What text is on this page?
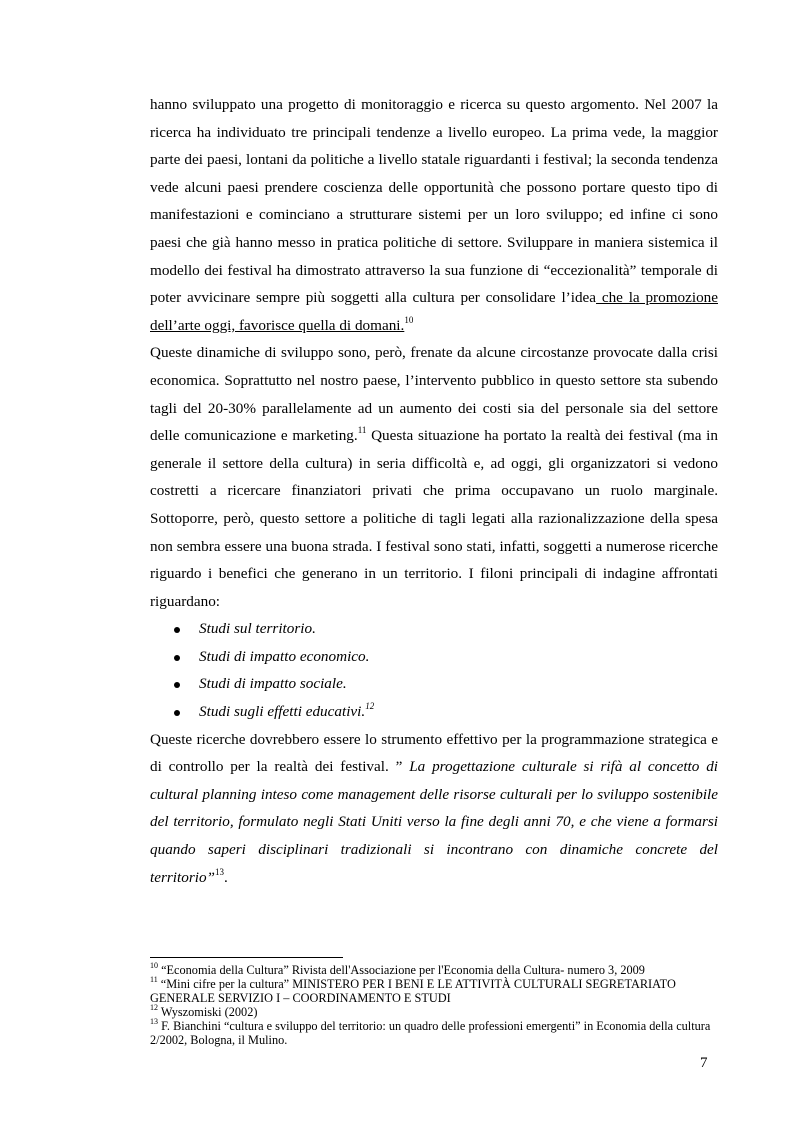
hanno sviluppato una progetto di monitoraggio e ricerca su questo argomento. Nel 2007 la ricerca ha individuato tre principali tendenze a livello europeo. La prima vede, la maggior parte dei paesi, lontani da politiche a livello statale riguardanti i festival; la seconda tendenza vede alcuni paesi prendere coscienza delle opportunità che possono portare questo tipo di manifestazioni e cominciano a strutturare sistemi per un loro sviluppo; ed infine ci sono paesi che già hanno messo in pratica politiche di settore. Sviluppare in maniera sistemica il modello dei festival ha dimostrato attraverso la sua funzione di “eccezionalità” temporale di poter avvicinare sempre più soggetti alla cultura per consolidare l’idea che la promozione dell’arte oggi, favorisce quella di domani.$^{10}$

Queste dinamiche di sviluppo sono, però, frenate da alcune circostanze provocate dalla crisi economica. Soprattutto nel nostro paese, l’intervento pubblico in questo settore sta subendo tagli del 20-30% parallelamente ad un aumento dei costi sia del personale sia del settore delle comunicazione e marketing.$^{11}$ Questa situazione ha portato la realtà dei festival (ma in generale il settore della cultura) in seria difficoltà e, ad oggi, gli organizzatori si vedono costretti a ricercare finanziatori privati che prima occupavano un ruolo marginale. Sottoporre, però, questo settore a politiche di tagli legati alla razionalizzazione della spesa non sembra essere una buona strada. I festival sono stati, infatti, soggetti a numerose ricerche riguardo i benefici che generano in un territorio. I filoni principali di indagine affrontati riguardano:

Studi sul territorio.
Studi di impatto economico.
Studi di impatto sociale.
Studi sugli effetti educativi.$^{12}$

Queste ricerche dovrebbero essere lo strumento effettivo per la programmazione strategica e di controllo per la realtà dei festival. ” La progettazione culturale si rifà al concetto di cultural planning inteso come management delle risorse culturali per lo sviluppo sostenibile del territorio, formulato negli Stati Uniti verso la fine degli anni 70, e che viene a formarsi quando saperi disciplinari tradizionali si incontrano con dinamiche concrete del territorio”$^{13}$.

$^{10}$ “Economia della Cultura” Rivista dell'Associazione per l'Economia della Cultura- numero 3, 2009

$^{11}$ “Mini cifre per la cultura” MINISTERO PER I BENI E LE ATTIVITÀ CULTURALI SEGRETARIATO GENERALE SERVIZIO I – COORDINAMENTO E STUDI

$^{12}$ Wyszomiski (2002)

$^{13}$ F. Bianchini “cultura e sviluppo del territorio: un quadro delle professioni emergenti” in Economia della cultura 2/2002, Bologna, il Mulino.

7
